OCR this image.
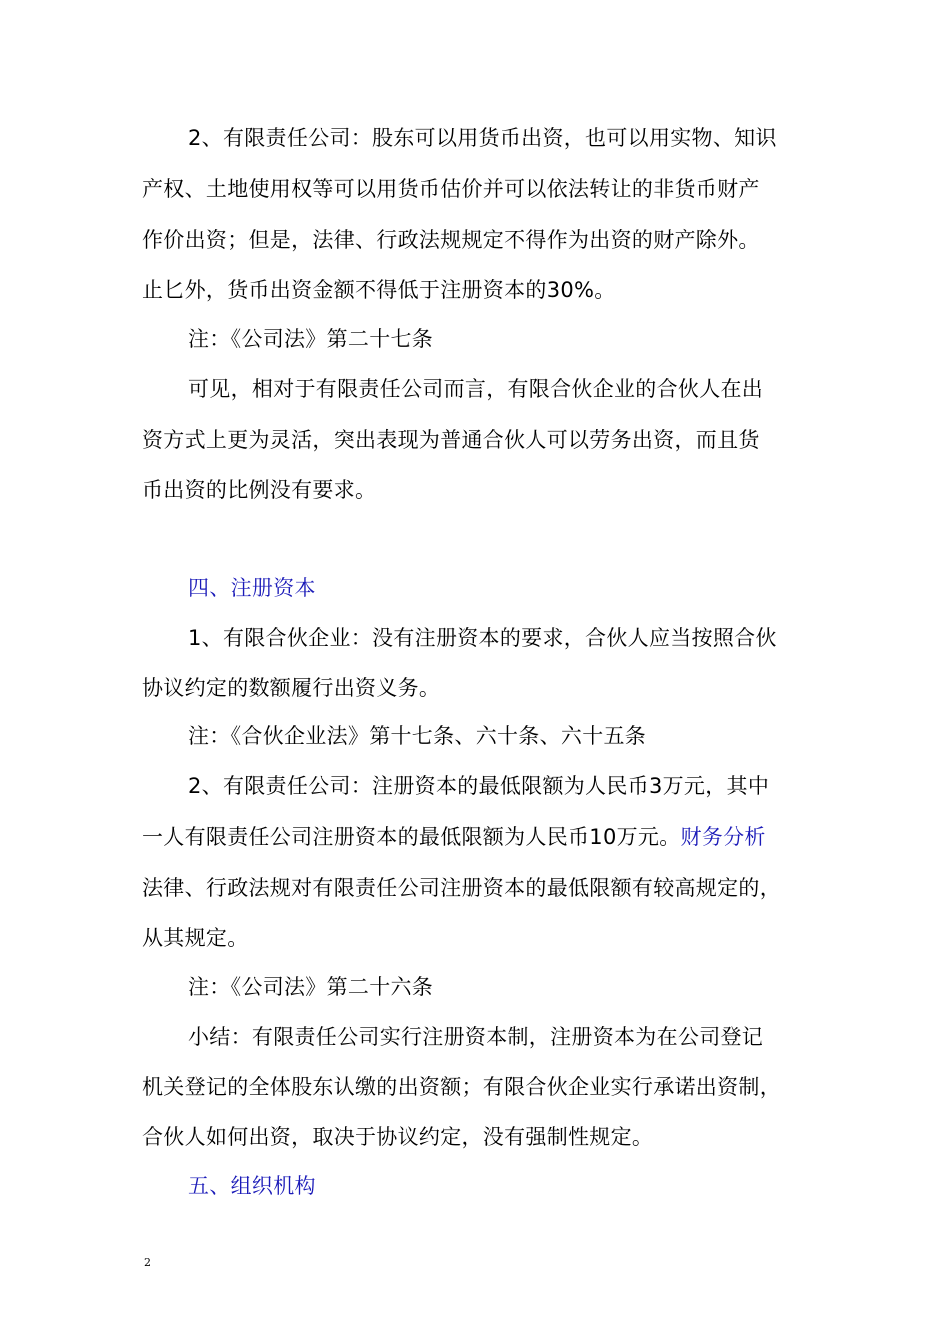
2、有限责任公司：股东可以用货币出资，也可以用实物、知识
产权、土地使用权等可以用货币估价并可以依法转让的非货币财产
作价出资；但是，法律、行政法规规定不得作为出资的财产除外。
止匕外，货币出资金额不得低于注册资本的30%。
注：《公司法》第二十七条
可见，相对于有限责任公司而言，有限合伙企业的合伙人在出
资方式上更为灵活，突出表现为普通合伙人可以劳务出资，而且货
币出资的比例没有要求。
四、注册资本
1、有限合伙企业：没有注册资本的要求，合伙人应当按照合伙
协议约定的数额履行出资义务。
注：《合伙企业法》第十七条、六十条、六十五条
2、有限责任公司：注册资本的最低限额为人民币3万元，其中
一人有限责任公司注册资本的最低限额为人民币10万元。财务分析
法律、行政法规对有限责任公司注册资本的最低限额有较高规定的，
从其规定。
注：《公司法》第二十六条
小结：有限责任公司实行注册资本制，注册资本为在公司登记
机关登记的全体股东认缴的出资额；有限合伙企业实行承诺出资制，
合伙人如何出资，取决于协议约定，没有强制性规定。
五、组织机构
2
